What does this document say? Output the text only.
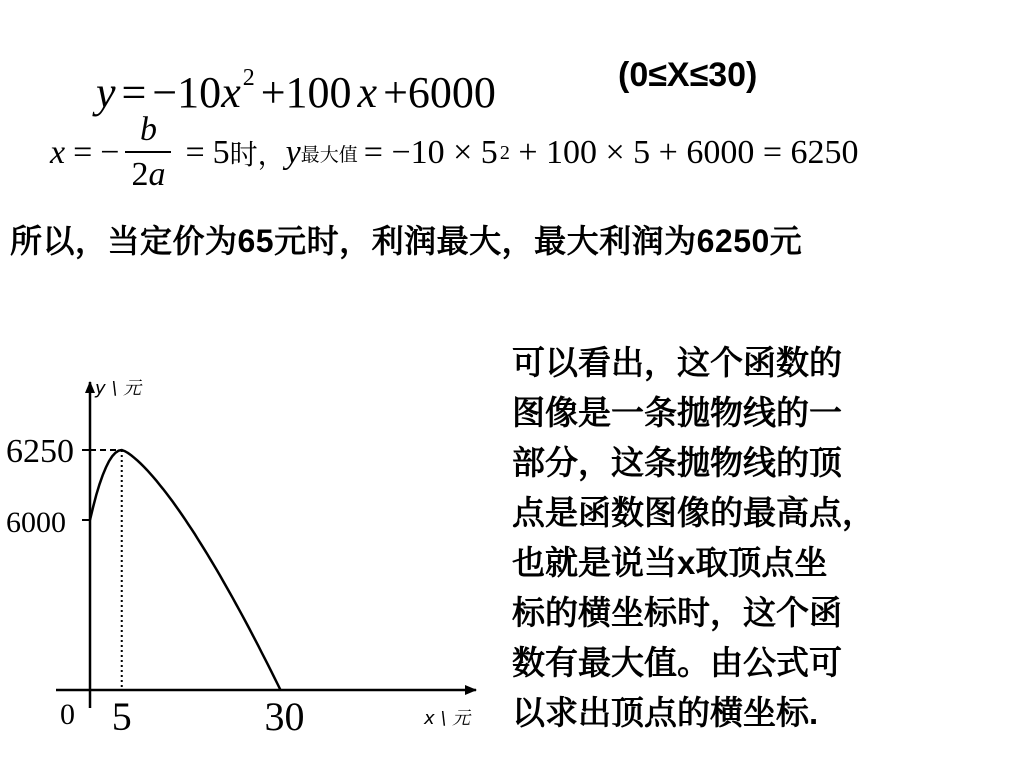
$y = -10x^2 +100$ x +6000	(0≤X≤30)
x = − $\frac{b}{2a} = 5$ 时， y 最大值 = −10 × 5 2 + 100 × 5 + 6000 = 6250
所以，当定价为65元时，利润最大，最大利润为6250元
可以看出，这个函数的
图像是一条抛物线的一
部分，这条抛物线的顶
点是函数图像的最高点，
也就是说当x取顶点坐
标的横坐标时，这个函
数有最大值。由公式可
以求出顶点的横坐标.
6250
6000
0 5	30
y \ 元
x \ 元
